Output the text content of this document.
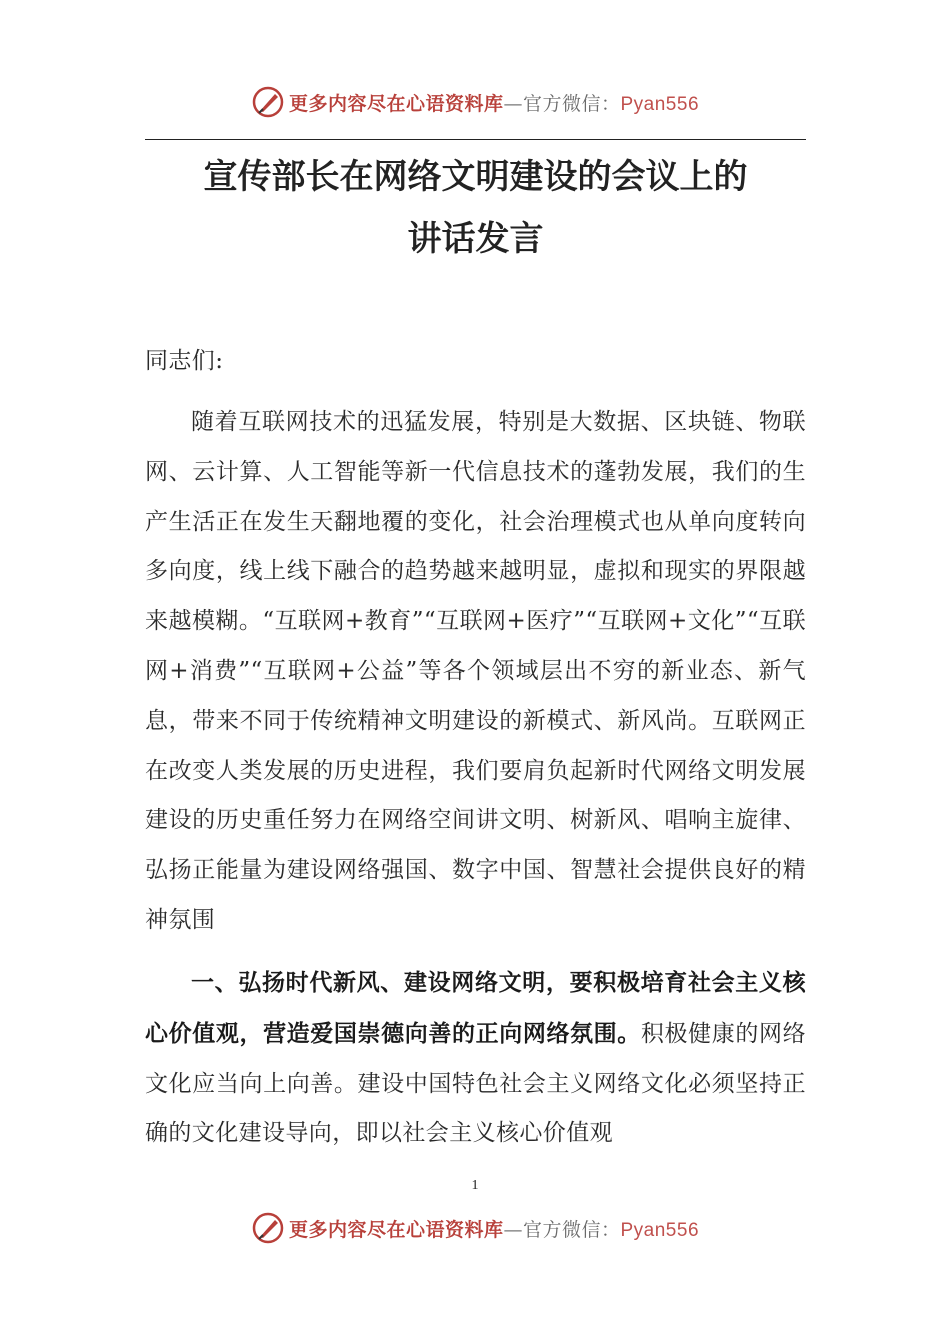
更多内容尽在心语资料库—官方微信：Pyan556
宣传部长在网络文明建设的会议上的
讲话发言
同志们:
随着互联网技术的迅猛发展，特别是大数据、区块链、物联网、云计算、人工智能等新一代信息技术的蓬勃发展，我们的生产生活正在发生天翻地覆的变化，社会治理模式也从单向度转向多向度，线上线下融合的趋势越来越明显，虚拟和现实的界限越来越模糊。“互联网+教育”“互联网+医疗”“互联网+文化”“互联网+消费”“互联网+公益”等各个领域层出不穷的新业态、新气息，带来不同于传统精神文明建设的新模式、新风尚。互联网正在改变人类发展的历史进程，我们要肩负起新时代网络文明发展建设的历史重任努力在网络空间讲文明、树新风、唱响主旋律、弘扬正能量为建设网络强国、数字中国、智慧社会提供良好的精神氛围
一、弘扬时代新风、建设网络文明，要积极培育社会主义核心价值观，营造爱国崇德向善的正向网络氛围。积极健康的网络文化应当向上向善。建设中国特色社会主义网络文化必须坚持正确的文化建设导向，即以社会主义核心价值观
1
更多内容尽在心语资料库—官方微信：Pyan556
